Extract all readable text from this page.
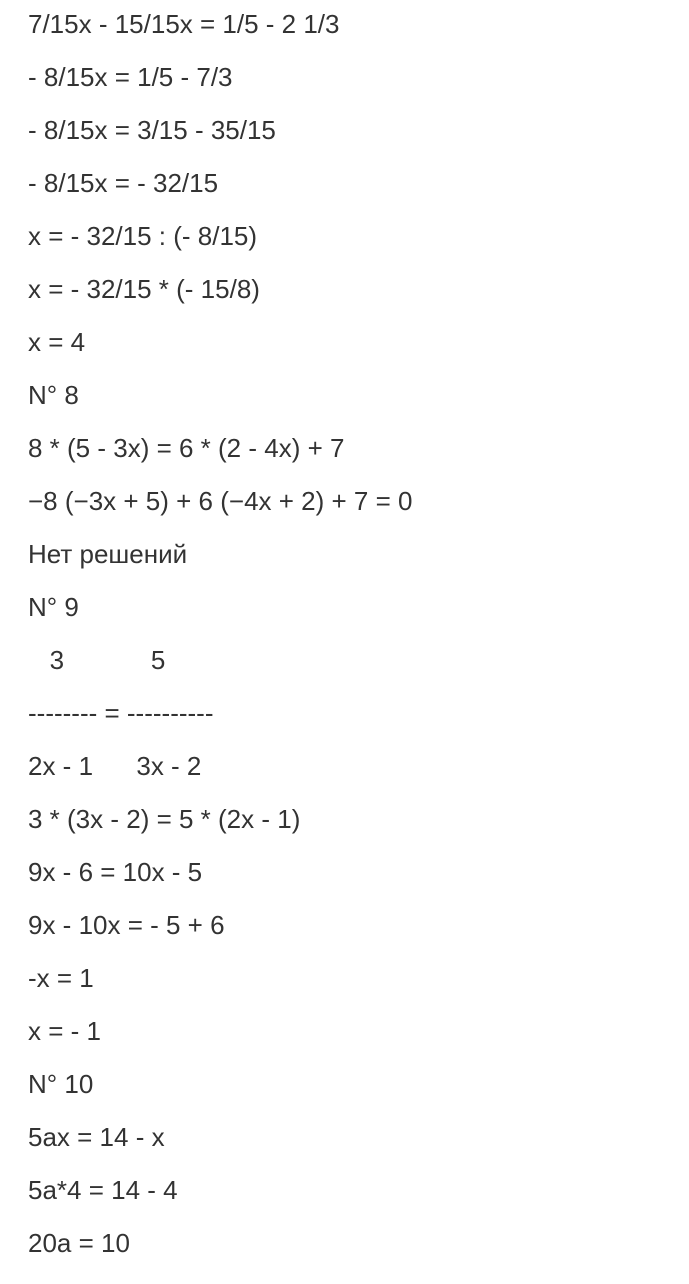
7/15x - 15/15x = 1/5 - 2 1/3
- 8/15x = 1/5 - 7/3
- 8/15x = 3/15 - 35/15
- 8/15x = - 32/15
x = - 32/15 : (- 8/15)
x = - 32/15 * (- 15/8)
x = 4
N° 8
8 * (5 - 3x) = 6 * (2 - 4x) + 7
−8 (−3x + 5) + 6 (−4x + 2) + 7 = 0
Нет решений
N° 9
3            5
-------- = ----------
2x - 1      3x - 2
3 * (3x - 2) = 5 * (2x - 1)
9x - 6 = 10x - 5
9x - 10x = - 5 + 6
-x = 1
x = - 1
N° 10
5ax = 14 - x
5a*4 = 14 - 4
20a = 10
